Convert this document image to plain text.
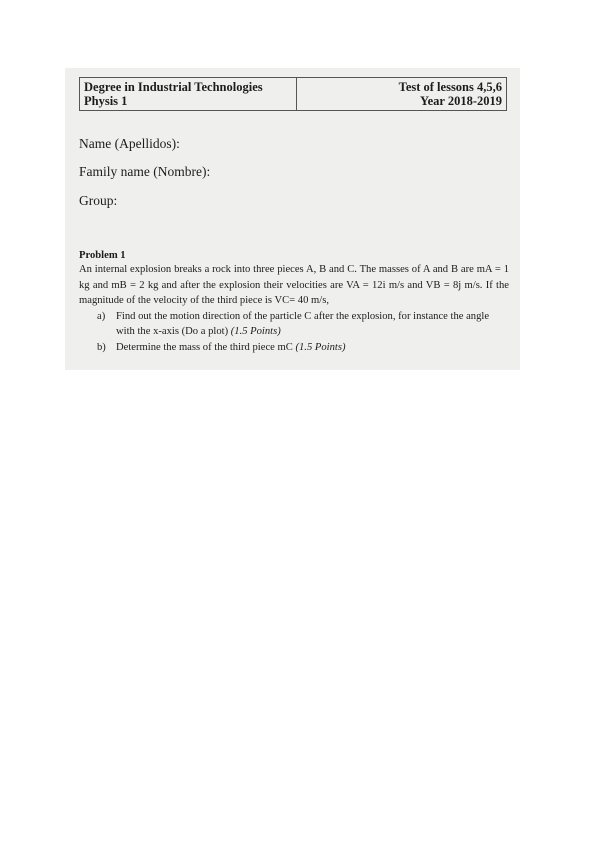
Degree in Industrial Technologies
Physis 1
Test of lessons 4,5,6
Year 2018-2019
Name (Apellidos):
Family name (Nombre):
Group:
Problem 1

An internal explosion breaks a rock into three pieces A, B and C. The masses of A and B are mA = 1 kg and mB = 2 kg and after the explosion their velocities are VA = 12i m/s and VB = 8j m/s. If the magnitude of the velocity of the third piece is VC= 40 m/s,

a)	Find out the motion direction of the particle C after the explosion, for instance the angle with the x-axis (Do a plot) (1.5 Points)
b) Determine the mass of the third piece mC (1.5 Points)
